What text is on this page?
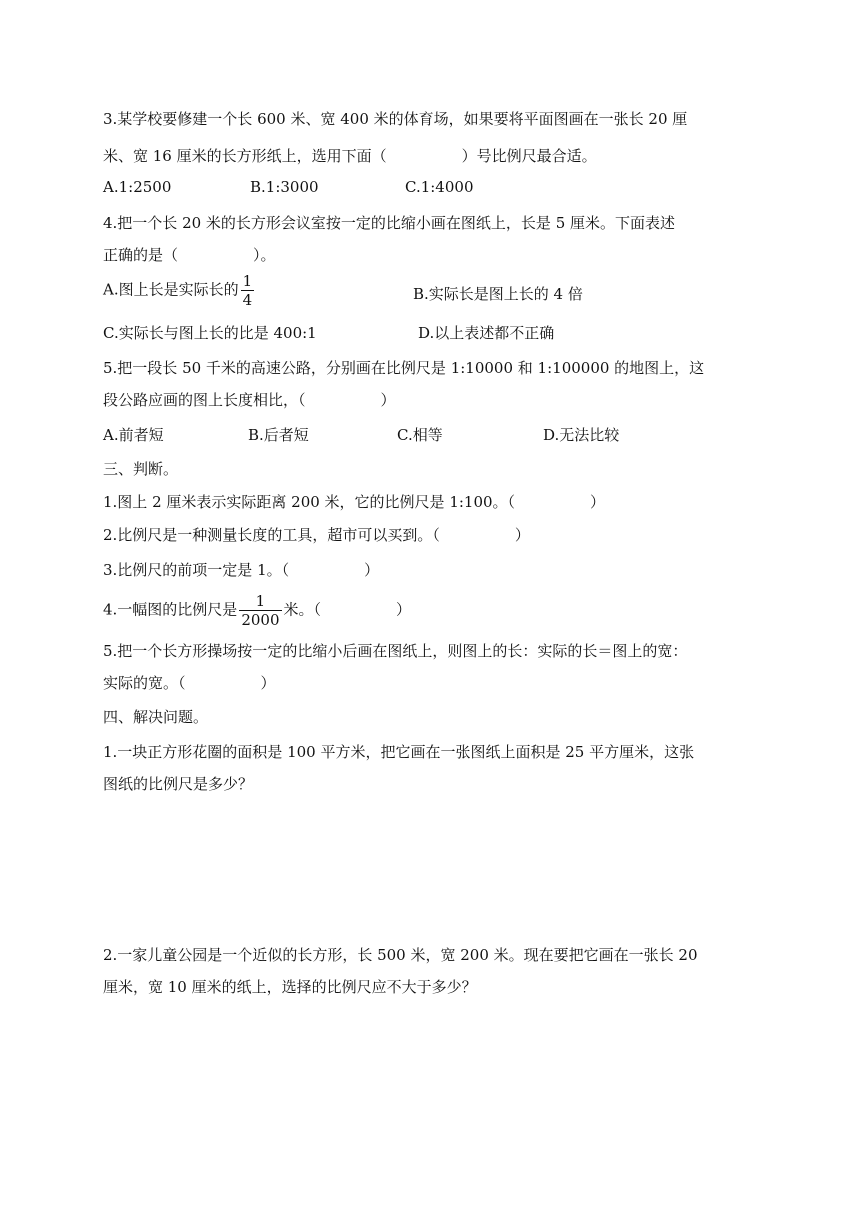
3.某学校要修建一个长 600 米、宽 400 米的体育场，如果要将平面图画在一张长 20 厘
米、宽 16 厘米的长方形纸上，选用下面（　　　　　）号比例尺最合适。
A.1:2500	B.1:3000	C.1:4000
4.把一个长 20 米的长方形会议室按一定的比缩小画在图纸上，长是 5 厘米。下面表述
正确的是（　　　　　）。
A.图上长是实际长的 $\frac{1}{4}$	B.实际长是图上长的 4 倍
C.实际长与图上长的比是 400:1	D.以上表述都不正确
5.把一段长 50 千米的高速公路，分别画在比例尺是 1:10000 和 1:100000 的地图上，这
段公路应画的图上长度相比，（　　　　　）
A.前者短	B.后者短	C.相等	D.无法比较
三、判断。
1.图上 2 厘米表示实际距离 200 米，它的比例尺是 1:100。（　　　　　）
2.比例尺是一种测量长度的工具，超市可以买到。（　　　　　）
3.比例尺的前项一定是 1。（　　　　　）
4.一幅图的比例尺是 $\frac{1}{2000}$ 米。（　　　　　）
5.把一个长方形操场按一定的比缩小后画在图纸上，则图上的长：实际的长＝图上的宽：
实际的宽。（　　　　　）
四、解决问题。
1.一块正方形花圈的面积是 100 平方米，把它画在一张图纸上面积是 25 平方厘米，这张
图纸的比例尺是多少？
2.一家儿童公园是一个近似的长方形，长 500 米，宽 200 米。现在要把它画在一张长 20
厘米，宽 10 厘米的纸上，选择的比例尺应不大于多少？
